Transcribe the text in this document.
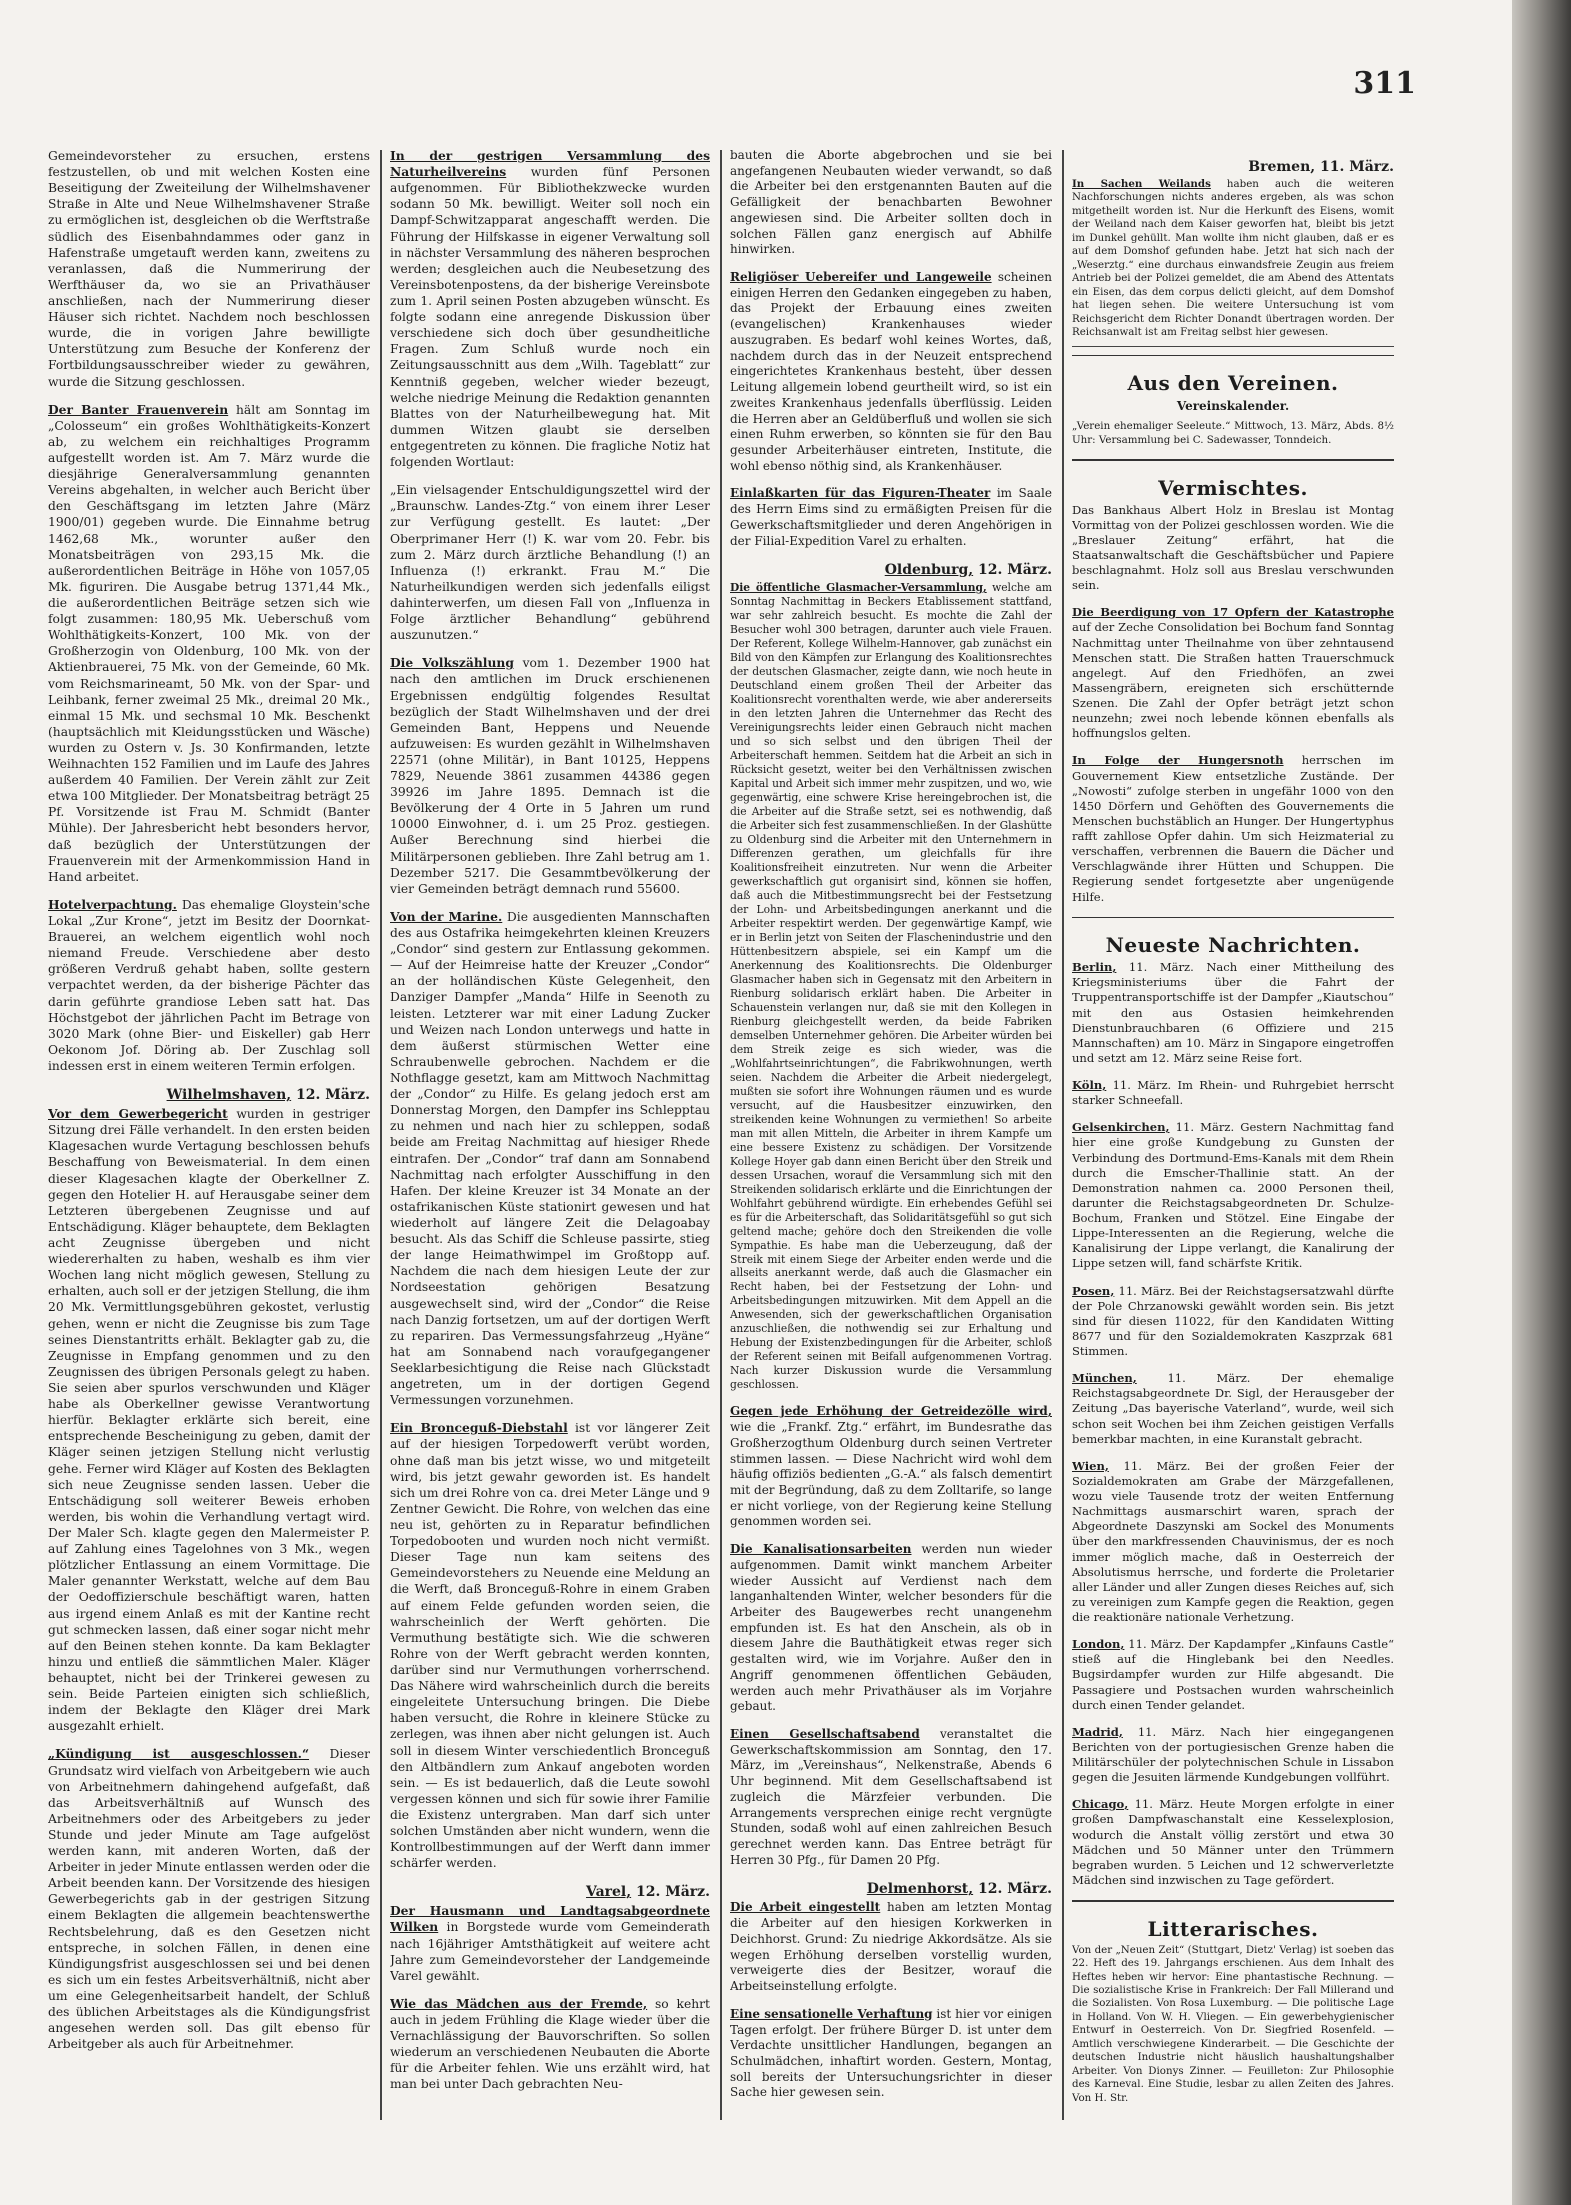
311

Gemeindevorsteher zu ersuchen, erstens festzustellen, ob und mit welchen Kosten eine Beseitigung der Zweiteilung der Wilhelmshavener Straße in Alte und Neue Wilhelmshavener Straße zu ermöglichen ist, desgleichen ob die Werftstraße südlich des Eisenbahndammes oder ganz in Hafenstraße umgetauft werden kann, zweitens zu veranlassen, daß die Nummerirung der Werfthäuser da, wo sie an Privathäuser anschließen, nach der Nummerirung dieser Häuser sich richtet. Nachdem noch beschlossen wurde, die in vorigen Jahre bewilligte Unterstützung zum Besuche der Konferenz der Fortbildungsausschreiber wieder zu gewähren, wurde die Sitzung geschlossen.

Der Banter Frauenverein hält am Sonntag im „Colosseum“ ein großes Wohlthätigkeits-Konzert ab, zu welchem ein reichhaltiges Programm aufgestellt worden ist. Am 7. März wurde die diesjährige Generalversammlung genannten Vereins abgehalten, in welcher auch Bericht über den Geschäftsgang im letzten Jahre (März 1900/01) gegeben wurde. Die Einnahme betrug 1462,68 Mk., worunter außer den Monatsbeiträgen von 293,15 Mk. die außerordentlichen Beiträge in Höhe von 1057,05 Mk. figuriren. Die Ausgabe betrug 1371,44 Mk., die außerordentlichen Beiträge setzen sich wie folgt zusammen: 180,95 Mk. Ueberschuß vom Wohlthätigkeits-Konzert, 100 Mk. von der Großherzogin von Oldenburg, 100 Mk. von der Aktienbrauerei, 75 Mk. von der Gemeinde, 60 Mk. vom Reichsmarineamt, 50 Mk. von der Spar- und Leihbank, ferner zweimal 25 Mk., dreimal 20 Mk., einmal 15 Mk. und sechsmal 10 Mk. Beschenkt (hauptsächlich mit Kleidungsstücken und Wäsche) wurden zu Ostern v. Js. 30 Konfirmanden, letzte Weihnachten 152 Familien und im Laufe des Jahres außerdem 40 Familien. Der Verein zählt zur Zeit etwa 100 Mitglieder. Der Monatsbeitrag beträgt 25 Pf. Vorsitzende ist Frau M. Schmidt (Banter Mühle). Der Jahresbericht hebt besonders hervor, daß bezüglich der Unterstützungen der Frauenverein mit der Armenkommission Hand in Hand arbeitet.

Hotelverpachtung. Das ehemalige Gloystein'sche Lokal „Zur Krone“, jetzt im Besitz der Doornkat-Brauerei, an welchem eigentlich wohl noch niemand Freude. Verschiedene aber desto größeren Verdruß gehabt haben, sollte gestern verpachtet werden, da der bisherige Pächter das darin geführte grandiose Leben satt hat. Das Höchstgebot der jährlichen Pacht im Betrage von 3020 Mark (ohne Bier- und Eiskeller) gab Herr Oekonom Jof. Döring ab. Der Zuschlag soll indessen erst in einem weiteren Termin erfolgen.

Wilhelmshaven, 12. März.

Vor dem Gewerbegericht wurden in gestriger Sitzung drei Fälle verhandelt. In den ersten beiden Klagesachen wurde Vertagung beschlossen behufs Beschaffung von Beweismaterial. In dem einen dieser Klagesachen klagte der Oberkellner Z. gegen den Hotelier H. auf Herausgabe seiner dem Letzteren übergebenen Zeugnisse und auf Entschädigung. Kläger behauptete, dem Beklagten acht Zeugnisse übergeben und nicht wiedererhalten zu haben, weshalb es ihm vier Wochen lang nicht möglich gewesen, Stellung zu erhalten, auch soll er der jetzigen Stellung, die ihm 20 Mk. Vermittlungsgebühren gekostet, verlustig gehen, wenn er nicht die Zeugnisse bis zum Tage seines Dienstantritts erhält. Beklagter gab zu, die Zeugnisse in Empfang genommen und zu den Zeugnissen des übrigen Personals gelegt zu haben. Sie seien aber spurlos verschwunden und Kläger habe als Oberkellner gewisse Verantwortung hierfür. Beklagter erklärte sich bereit, eine entsprechende Bescheinigung zu geben, damit der Kläger seinen jetzigen Stellung nicht verlustig gehe. Ferner wird Kläger auf Kosten des Beklagten sich neue Zeugnisse senden lassen. Ueber die Entschädigung soll weiterer Beweis erhoben werden, bis wohin die Verhandlung vertagt wird. Der Maler Sch. klagte gegen den Malermeister P. auf Zahlung eines Tagelohnes von 3 Mk., wegen plötzlicher Entlassung an einem Vormittage. Die Maler genannter Werkstatt, welche auf dem Bau der Oedoffizierschule beschäftigt waren, hatten aus irgend einem Anlaß es mit der Kantine recht gut schmecken lassen, daß einer sogar nicht mehr auf den Beinen stehen konnte. Da kam Beklagter hinzu und entließ die sämmtlichen Maler. Kläger behauptet, nicht bei der Trinkerei gewesen zu sein. Beide Parteien einigten sich schließlich, indem der Beklagte den Kläger drei Mark ausgezahlt erhielt.

„Kündigung ist ausgeschlossen.“ Dieser Grundsatz wird vielfach von Arbeitgebern wie auch von Arbeitnehmern dahingehend aufgefaßt, daß das Arbeitsverhältniß auf Wunsch des Arbeitnehmers oder des Arbeitgebers zu jeder Stunde und jeder Minute am Tage aufgelöst werden kann, mit anderen Worten, daß der Arbeiter in jeder Minute entlassen werden oder die Arbeit beenden kann. Der Vorsitzende des hiesigen Gewerbegerichts gab in der gestrigen Sitzung einem Beklagten die allgemein beachtenswerthe Rechtsbelehrung, daß es den Gesetzen nicht entspreche, in solchen Fällen, in denen eine Kündigungsfrist ausgeschlossen sei und bei denen es sich um ein festes Arbeitsverhältniß, nicht aber um eine Gelegenheitsarbeit handelt, der Schluß des üblichen Arbeitstages als die Kündigungsfrist angesehen werden soll. Das gilt ebenso für Arbeitgeber als auch für Arbeitnehmer.

In der gestrigen Versammlung des Naturheilvereins wurden fünf Personen aufgenommen. Für Bibliothekzwecke wurden sodann 50 Mk. bewilligt. Weiter soll noch ein Dampf-Schwitzapparat angeschafft werden. Die Führung der Hilfskasse in eigener Verwaltung soll in nächster Versammlung des näheren besprochen werden; desgleichen auch die Neubesetzung des Vereinsbotenpostens, da der bisherige Vereinsbote zum 1. April seinen Posten abzugeben wünscht. Es folgte sodann eine anregende Diskussion über verschiedene sich doch über gesundheitliche Fragen. Zum Schluß wurde noch ein Zeitungsausschnitt aus dem „Wilh. Tageblatt“ zur Kenntniß gegeben, welcher wieder bezeugt, welche niedrige Meinung die Redaktion genannten Blattes von der Naturheilbewegung hat. Mit dummen Witzen glaubt sie derselben entgegentreten zu können. Die fragliche Notiz hat folgenden Wortlaut:

„Ein vielsagender Entschuldigungszettel wird der „Braunschw. Landes-Ztg.“ von einem ihrer Leser zur Verfügung gestellt. Es lautet: „Der Oberprimaner Herr (!) K. war vom 20. Febr. bis zum 2. März durch ärztliche Behandlung (!) an Influenza (!) erkrankt. Frau M.“ Die Naturheilkundigen werden sich jedenfalls eiligst dahinterwerfen, um diesen Fall von „Influenza in Folge ärztlicher Behandlung“ gebührend auszunutzen.“

Die Volkszählung vom 1. Dezember 1900 hat nach den amtlichen im Druck erschienenen Ergebnissen endgültig folgendes Resultat bezüglich der Stadt Wilhelmshaven und der drei Gemeinden Bant, Heppens und Neuende aufzuweisen: Es wurden gezählt in Wilhelmshaven 22571 (ohne Militär), in Bant 10125, Heppens 7829, Neuende 3861 zusammen 44386 gegen 39926 im Jahre 1895. Demnach ist die Bevölkerung der 4 Orte in 5 Jahren um rund 10000 Einwohner, d. i. um 25 Proz. gestiegen. Außer Berechnung sind hierbei die Militärpersonen geblieben. Ihre Zahl betrug am 1. Dezember 5217. Die Gesammtbevölkerung der vier Gemeinden beträgt demnach rund 55600.

Von der Marine. Die ausgedienten Mannschaften des aus Ostafrika heimgekehrten kleinen Kreuzers „Condor“ sind gestern zur Entlassung gekommen. — Auf der Heimreise hatte der Kreuzer „Condor“ an der holländischen Küste Gelegenheit, den Danziger Dampfer „Manda“ Hilfe in Seenoth zu leisten. Letzterer war mit einer Ladung Zucker und Weizen nach London unterwegs und hatte in dem äußerst stürmischen Wetter eine Schraubenwelle gebrochen. Nachdem er die Nothflagge gesetzt, kam am Mittwoch Nachmittag der „Condor“ zu Hilfe. Es gelang jedoch erst am Donnerstag Morgen, den Dampfer ins Schlepptau zu nehmen und nach hier zu schleppen, sodaß beide am Freitag Nachmittag auf hiesiger Rhede eintrafen. Der „Condor“ traf dann am Sonnabend Nachmittag nach erfolgter Ausschiffung in den Hafen. Der kleine Kreuzer ist 34 Monate an der ostafrikanischen Küste stationirt gewesen und hat wiederholt auf längere Zeit die Delagoabay besucht. Als das Schiff die Schleuse passirte, stieg der lange Heimathwimpel im Großtopp auf. Nachdem die nach dem hiesigen Leute der zur Nordseestation gehörigen Besatzung ausgewechselt sind, wird der „Condor“ die Reise nach Danzig fortsetzen, um auf der dortigen Werft zu repariren. Das Vermessungsfahrzeug „Hyäne“ hat am Sonnabend nach voraufgegangener Seeklarbesichtigung die Reise nach Glückstadt angetreten, um in der dortigen Gegend Vermessungen vorzunehmen.

Ein Bronceguß-Diebstahl ist vor längerer Zeit auf der hiesigen Torpedowerft verübt worden, ohne daß man bis jetzt wisse, wo und mitgeteilt wird, bis jetzt gewahr geworden ist. Es handelt sich um drei Rohre von ca. drei Meter Länge und 9 Zentner Gewicht. Die Rohre, von welchen das eine neu ist, gehörten zu in Reparatur befindlichen Torpedobooten und wurden noch nicht vermißt. Dieser Tage nun kam seitens des Gemeindevorstehers zu Neuende eine Meldung an die Werft, daß Bronceguß-Rohre in einem Graben auf einem Felde gefunden worden seien, die wahrscheinlich der Werft gehörten. Die Vermuthung bestätigte sich. Wie die schweren Rohre von der Werft gebracht werden konnten, darüber sind nur Vermuthungen vorherrschend. Das Nähere wird wahrscheinlich durch die bereits eingeleitete Untersuchung bringen. Die Diebe haben versucht, die Rohre in kleinere Stücke zu zerlegen, was ihnen aber nicht gelungen ist. Auch soll in diesem Winter verschiedentlich Bronceguß den Altbändlern zum Ankauf angeboten worden sein. — Es ist bedauerlich, daß die Leute sowohl vergessen können und sich für sowie ihrer Familie die Existenz untergraben. Man darf sich unter solchen Umständen aber nicht wundern, wenn die Kontrollbestimmungen auf der Werft dann immer schärfer werden.

Varel, 12. März.

Der Hausmann und Landtagsabgeordnete Wilken in Borgstede wurde vom Gemeinderath nach 16jähriger Amtsthätigkeit auf weitere acht Jahre zum Gemeindevorsteher der Landgemeinde Varel gewählt.

Wie das Mädchen aus der Fremde, so kehrt auch in jedem Frühling die Klage wieder über die Vernachlässigung der Bauvorschriften. So sollen wiederum an verschiedenen Neubauten die Aborte für die Arbeiter fehlen. Wie uns erzählt wird, hat man bei unter Dach gebrachten Neu-

bauten die Aborte abgebrochen und sie bei angefangenen Neubauten wieder verwandt, so daß die Arbeiter bei den erstgenannten Bauten auf die Gefälligkeit der benachbarten Bewohner angewiesen sind. Die Arbeiter sollten doch in solchen Fällen ganz energisch auf Abhilfe hinwirken.

Religiöser Uebereifer und Langeweile scheinen einigen Herren den Gedanken eingegeben zu haben, das Projekt der Erbauung eines zweiten (evangelischen) Krankenhauses wieder auszugraben. Es bedarf wohl keines Wortes, daß, nachdem durch das in der Neuzeit entsprechend eingerichtetes Krankenhaus besteht, über dessen Leitung allgemein lobend geurtheilt wird, so ist ein zweites Krankenhaus jedenfalls überflüssig. Leiden die Herren aber an Geldüberfluß und wollen sie sich einen Ruhm erwerben, so könnten sie für den Bau gesunder Arbeiterhäuser eintreten, Institute, die wohl ebenso nöthig sind, als Krankenhäuser.

Einlaßkarten für das Figuren-Theater im Saale des Herrn Eims sind zu ermäßigten Preisen für die Gewerkschaftsmitglieder und deren Angehörigen in der Filial-Expedition Varel zu erhalten.

Oldenburg, 12. März.

Die öffentliche Glasmacher-Versammlung, welche am Sonntag Nachmittag in Beckers Etablissement stattfand, war sehr zahlreich besucht. Es mochte die Zahl der Besucher wohl 300 betragen, darunter auch viele Frauen. Der Referent, Kollege Wilhelm-Hannover, gab zunächst ein Bild von den Kämpfen zur Erlangung des Koalitionsrechtes der deutschen Glasmacher, zeigte dann, wie noch heute in Deutschland einem großen Theil der Arbeiter das Koalitionsrecht vorenthalten werde, wie aber andererseits in den letzten Jahren die Unternehmer das Recht des Vereinigungsrechts leider einen Gebrauch nicht machen und so sich selbst und den übrigen Theil der Arbeiterschaft hemmen. Seitdem hat die Arbeit an sich in Rücksicht gesetzt, weiter bei den Verhältnissen zwischen Kapital und Arbeit sich immer mehr zuspitzen, und wo, wie gegenwärtig, eine schwere Krise hereingebrochen ist, die die Arbeiter auf die Straße setzt, sei es nothwendig, daß die Arbeiter sich fest zusammenschließen. In der Glashütte zu Oldenburg sind die Arbeiter mit den Unternehmern in Differenzen gerathen, um gleichfalls für ihre Koalitionsfreiheit einzutreten. Nur wenn die Arbeiter gewerkschaftlich gut organisirt sind, können sie hoffen, daß auch die Mitbestimmungsrecht bei der Festsetzung der Lohn- und Arbeitsbedingungen anerkannt und die Arbeiter respektirt werden. Der gegenwärtige Kampf, wie er in Berlin jetzt von Seiten der Flaschenindustrie und den Hüttenbesitzern abspiele, sei ein Kampf um die Anerkennung des Koalitionsrechts. Die Oldenburger Glasmacher haben sich in Gegensatz mit den Arbeitern in Rienburg solidarisch erklärt haben. Die Arbeiter in Schauenstein verlangen nur, daß sie mit den Kollegen in Rienburg gleichgestellt werden, da beide Fabriken demselben Unternehmer gehören. Die Arbeiter würden bei dem Streik zeige es sich wieder, was die „Wohlfahrtseinrichtungen“, die Fabrikwohnungen, werth seien. Nachdem die Arbeiter die Arbeit niedergelegt, mußten sie sofort ihre Wohnungen räumen und es wurde versucht, auf die Hausbesitzer einzuwirken, den streikenden keine Wohnungen zu vermiethen! So arbeite man mit allen Mitteln, die Arbeiter in ihrem Kampfe um eine bessere Existenz zu schädigen. Der Vorsitzende Kollege Hoyer gab dann einen Bericht über den Streik und dessen Ursachen, worauf die Versammlung sich mit den Streikenden solidarisch erklärte und die Einrichtungen der Wohlfahrt gebührend würdigte. Ein erhebendes Gefühl sei es für die Arbeiterschaft, das Solidaritätsgefühl so gut sich geltend mache; gehöre doch den Streikenden die volle Sympathie. Es habe man die Ueberzeugung, daß der Streik mit einem Siege der Arbeiter enden werde und die allseits anerkannt werde, daß auch die Glasmacher ein Recht haben, bei der Festsetzung der Lohn- und Arbeitsbedingungen mitzuwirken. Mit dem Appell an die Anwesenden, sich der gewerkschaftlichen Organisation anzuschließen, die nothwendig sei zur Erhaltung und Hebung der Existenzbedingungen für die Arbeiter, schloß der Referent seinen mit Beifall aufgenommenen Vortrag. Nach kurzer Diskussion wurde die Versammlung geschlossen.

Gegen jede Erhöhung der Getreidezölle wird, wie die „Frankf. Ztg.“ erfährt, im Bundesrathe das Großherzogthum Oldenburg durch seinen Vertreter stimmen lassen. — Diese Nachricht wird wohl dem häufig offiziös bedienten „G.-A.“ als falsch dementirt mit der Begründung, daß zu dem Zolltarife, so lange er nicht vorliege, von der Regierung keine Stellung genommen worden sei.

Die Kanalisationsarbeiten werden nun wieder aufgenommen. Damit winkt manchem Arbeiter wieder Aussicht auf Verdienst nach dem langanhaltenden Winter, welcher besonders für die Arbeiter des Baugewerbes recht unangenehm empfunden ist. Es hat den Anschein, als ob in diesem Jahre die Bauthätigkeit etwas reger sich gestalten wird, wie im Vorjahre. Außer den in Angriff genommenen öffentlichen Gebäuden, werden auch mehr Privathäuser als im Vorjahre gebaut.

Einen Gesellschaftsabend veranstaltet die Gewerkschaftskommission am Sonntag, den 17. März, im „Vereinshaus“, Nelkenstraße, Abends 6 Uhr beginnend. Mit dem Gesellschaftsabend ist zugleich die Märzfeier verbunden. Die Arrangements versprechen einige recht vergnügte Stunden, sodaß wohl auf einen zahlreichen Besuch gerechnet werden kann. Das Entree beträgt für Herren 30 Pfg., für Damen 20 Pfg.

Delmenhorst, 12. März.

Die Arbeit eingestellt haben am letzten Montag die Arbeiter auf den hiesigen Korkwerken in Deichhorst. Grund: Zu niedrige Akkordsätze. Als sie wegen Erhöhung derselben vorstellig wurden, verweigerte dies der Besitzer, worauf die Arbeitseinstellung erfolgte.

Eine sensationelle Verhaftung ist hier vor einigen Tagen erfolgt. Der frühere Bürger D. ist unter dem Verdachte unsittlicher Handlungen, begangen an Schulmädchen, inhaftirt worden. Gestern, Montag, soll bereits der Untersuchungsrichter in dieser Sache hier gewesen sein.

Bremen, 11. März.

In Sachen Weilands haben auch die weiteren Nachforschungen nichts anderes ergeben, als was schon mitgetheilt worden ist. Nur die Herkunft des Eisens, womit der Weiland nach dem Kaiser geworfen hat, bleibt bis jetzt im Dunkel gehüllt. Man wollte ihm nicht glauben, daß er es auf dem Domshof gefunden habe. Jetzt hat sich nach der „Weserztg.“ eine durchaus einwandsfreie Zeugin aus freiem Antrieb bei der Polizei gemeldet, die am Abend des Attentats ein Eisen, das dem corpus delicti gleicht, auf dem Domshof hat liegen sehen. Die weitere Untersuchung ist vom Reichsgericht dem Richter Donandt übertragen worden. Der Reichsanwalt ist am Freitag selbst hier gewesen.

Aus den Vereinen.
Vereinskalender.

„Verein ehemaliger Seeleute.“ Mittwoch, 13. März, Abds. 8½ Uhr: Versammlung bei C. Sadewasser, Tonndeich.

Vermischtes.

Das Bankhaus Albert Holz in Breslau ist Montag Vormittag von der Polizei geschlossen worden. Wie die „Breslauer Zeitung“ erfährt, hat die Staatsanwaltschaft die Geschäftsbücher und Papiere beschlagnahmt. Holz soll aus Breslau verschwunden sein.

Die Beerdigung von 17 Opfern der Katastrophe auf der Zeche Consolidation bei Bochum fand Sonntag Nachmittag unter Theilnahme von über zehntausend Menschen statt. Die Straßen hatten Trauerschmuck angelegt. Auf den Friedhöfen, an zwei Massengräbern, ereigneten sich erschütternde Szenen. Die Zahl der Opfer beträgt jetzt schon neunzehn; zwei noch lebende können ebenfalls als hoffnungslos gelten.

In Folge der Hungersnoth herrschen im Gouvernement Kiew entsetzliche Zustände. Der „Nowosti“ zufolge sterben in ungefähr 1000 von den 1450 Dörfern und Gehöften des Gouvernements die Menschen buchstäblich an Hunger. Der Hungertyphus rafft zahllose Opfer dahin. Um sich Heizmaterial zu verschaffen, verbrennen die Bauern die Dächer und Verschlagwände ihrer Hütten und Schuppen. Die Regierung sendet fortgesetzte aber ungenügende Hilfe.

Neueste Nachrichten.

Berlin, 11. März. Nach einer Mittheilung des Kriegsministeriums über die Fahrt der Truppentransportschiffe ist der Dampfer „Kiautschou“ mit den aus Ostasien heimkehrenden Dienstunbrauchbaren (6 Offiziere und 215 Mannschaften) am 10. März in Singapore eingetroffen und setzt am 12. März seine Reise fort.

Köln, 11. März. Im Rhein- und Ruhrgebiet herrscht starker Schneefall.

Gelsenkirchen, 11. März. Gestern Nachmittag fand hier eine große Kundgebung zu Gunsten der Verbindung des Dortmund-Ems-Kanals mit dem Rhein durch die Emscher-Thallinie statt. An der Demonstration nahmen ca. 2000 Personen theil, darunter die Reichstagsabgeordneten Dr. Schulze-Bochum, Franken und Stötzel. Eine Eingabe der Lippe-Interessenten an die Regierung, welche die Kanalisirung der Lippe verlangt, die Kanalirung der Lippe setzen will, fand schärfste Kritik.

Posen, 11. März. Bei der Reichstagsersatzwahl dürfte der Pole Chrzanowski gewählt worden sein. Bis jetzt sind für diesen 11022, für den Kandidaten Witting 8677 und für den Sozialdemokraten Kaszprzak 681 Stimmen.

München, 11. März. Der ehemalige Reichstagsabgeordnete Dr. Sigl, der Herausgeber der Zeitung „Das bayerische Vaterland“, wurde, weil sich schon seit Wochen bei ihm Zeichen geistigen Verfalls bemerkbar machten, in eine Kuranstalt gebracht.

Wien, 11. März. Bei der großen Feier der Sozialdemokraten am Grabe der Märzgefallenen, wozu viele Tausende trotz der weiten Entfernung Nachmittags ausmarschirt waren, sprach der Abgeordnete Daszynski am Sockel des Monuments über den markfressenden Chauvinismus, der es noch immer möglich mache, daß in Oesterreich der Absolutismus herrsche, und forderte die Proletarier aller Länder und aller Zungen dieses Reiches auf, sich zu vereinigen zum Kampfe gegen die Reaktion, gegen die reaktionäre nationale Verhetzung.

London, 11. März. Der Kapdampfer „Kinfauns Castle“ stieß auf die Hinglebank bei den Needles. Bugsirdampfer wurden zur Hilfe abgesandt. Die Passagiere und Postsachen wurden wahrscheinlich durch einen Tender gelandet.

Madrid, 11. März. Nach hier eingegangenen Berichten von der portugiesischen Grenze haben die Militärschüler der polytechnischen Schule in Lissabon gegen die Jesuiten lärmende Kundgebungen vollführt.

Chicago, 11. März. Heute Morgen erfolgte in einer großen Dampfwaschanstalt eine Kesselexplosion, wodurch die Anstalt völlig zerstört und etwa 30 Mädchen und 50 Männer unter den Trümmern begraben wurden. 5 Leichen und 12 schwerverletzte Mädchen sind inzwischen zu Tage gefördert.

Litterarisches.

Von der „Neuen Zeit“ (Stuttgart, Dietz' Verlag) ist soeben das 22. Heft des 19. Jahrgangs erschienen. Aus dem Inhalt des Heftes heben wir hervor: Eine phantastische Rechnung. — Die sozialistische Krise in Frankreich: Der Fall Millerand und die Sozialisten. Von Rosa Luxemburg. — Die politische Lage in Holland. Von W. H. Vliegen. — Ein gewerbehygienischer Entwurf in Oesterreich. Von Dr. Siegfried Rosenfeld. — Amtlich verschwiegene Kinderarbeit. — Die Geschichte der deutschen Industrie nicht häuslich haushaltungshalber Arbeiter. Von Dionys Zinner. — Feuilleton: Zur Philosophie des Karneval. Eine Studie, lesbar zu allen Zeiten des Jahres. Von H. Str.
